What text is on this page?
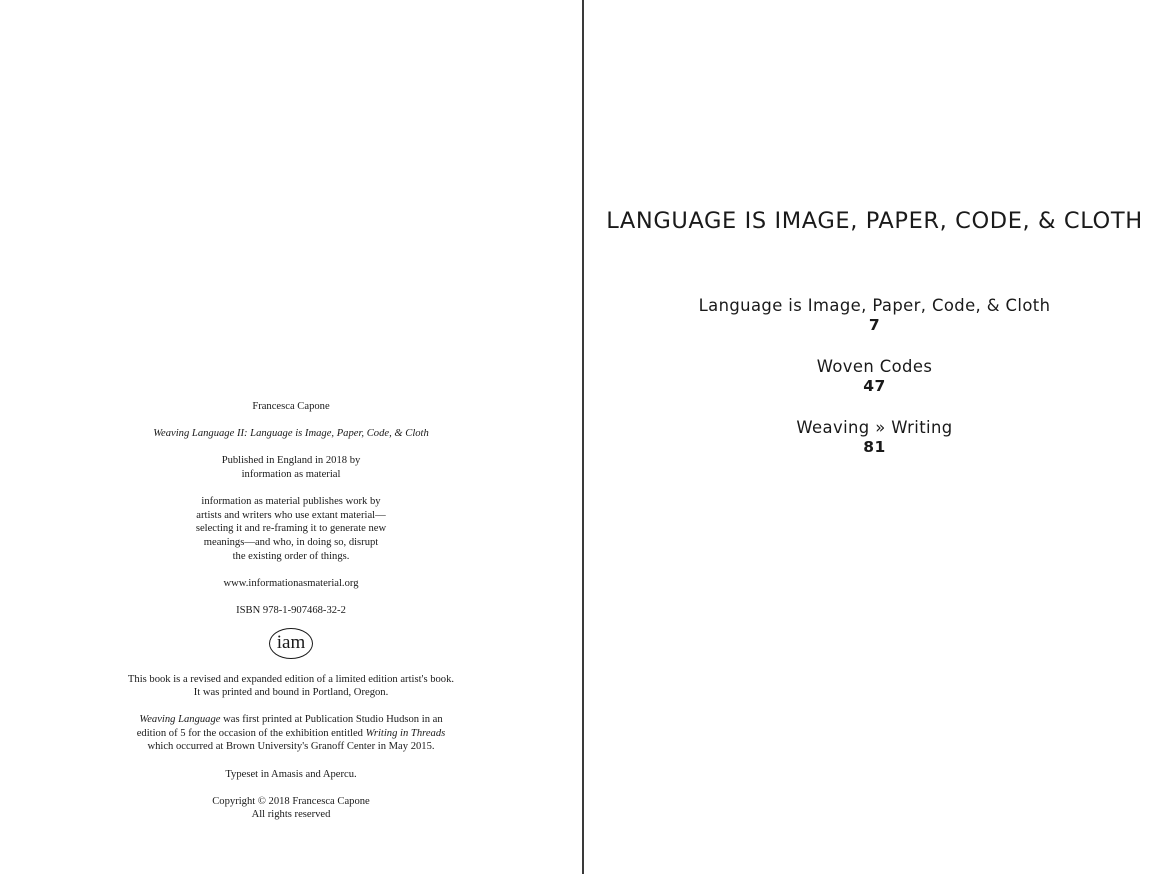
Francesca Capone

Weaving Language II: Language is Image, Paper, Code, & Cloth

Published in England in 2018 by

information as material

information as material publishes work by

artists and writers who use extant material—

selecting it and re-framing it to generate new

meanings—and who, in doing so, disrupt

the existing order of things.

www.informationasmaterial.org

ISBN 978-1-907468-32-2

iam

This book is a revised and expanded edition of a limited edition artist's book.

It was printed and bound in Portland, Oregon.

Weaving Language was first printed at Publication Studio Hudson in an

edition of 5 for the occasion of the exhibition entitled Writing in Threads

which occurred at Brown University's Granoff Center in May 2015.

Typeset in Amasis and Apercu.

Copyright © 2018 Francesca Capone

All rights reserved

LANGUAGE IS IMAGE, PAPER, CODE, & CLOTH
Language is Image, Paper, Code, & Cloth
7
Woven Codes
47
Weaving » Writing
81
